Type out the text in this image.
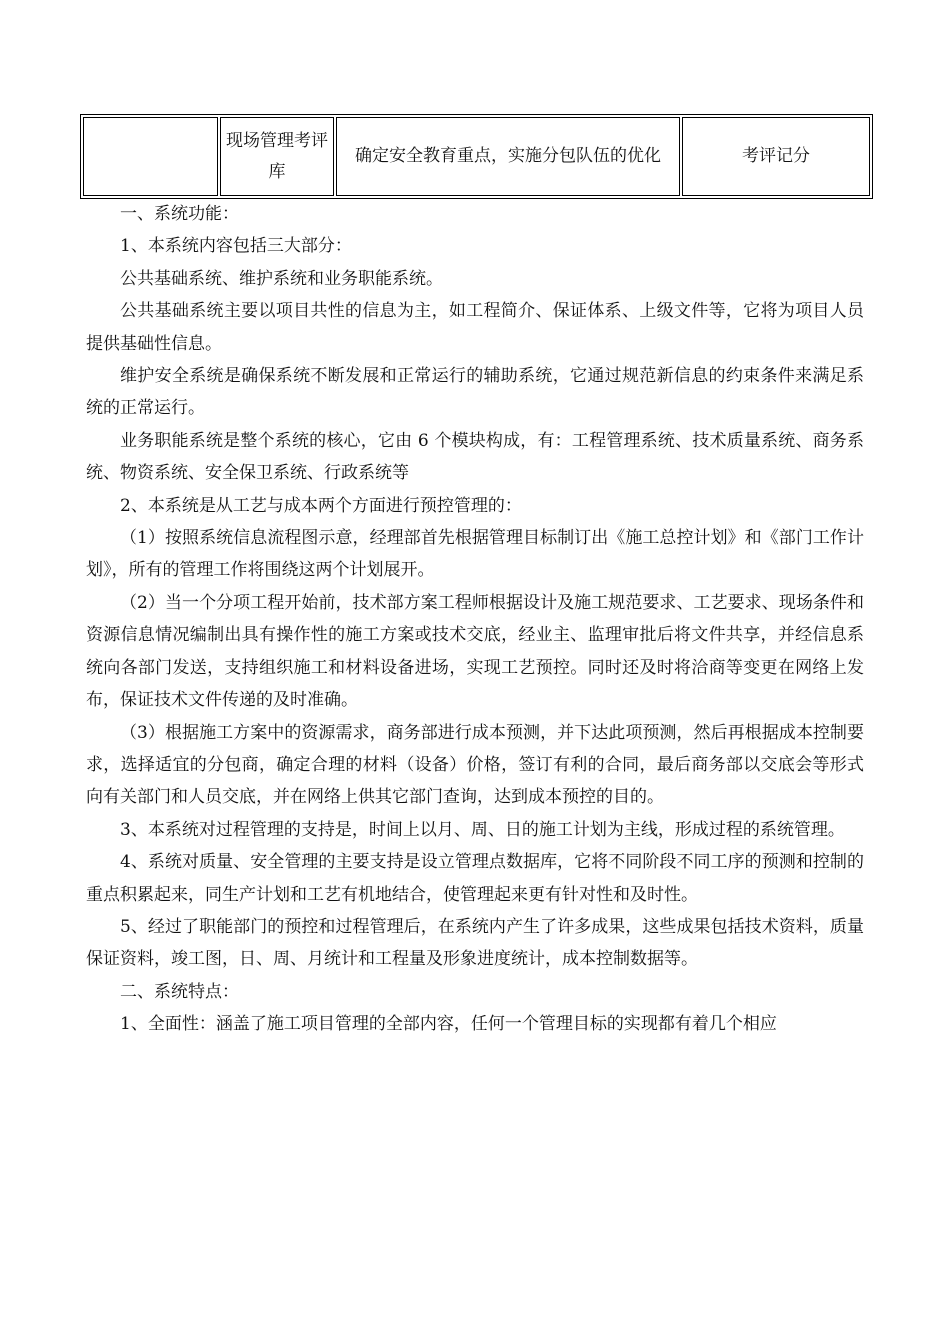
	现场管理考评库	确定安全教育重点，实施分包队伍的优化	考评记分

一、系统功能：

1、本系统内容包括三大部分：

公共基础系统、维护系统和业务职能系统。

公共基础系统主要以项目共性的信息为主，如工程简介、保证体系、上级文件等，它将为项目人员提供基础性信息。

维护安全系统是确保系统不断发展和正常运行的辅助系统，它通过规范新信息的约束条件来满足系统的正常运行。

业务职能系统是整个系统的核心，它由 6 个模块构成，有：工程管理系统、技术质量系统、商务系统、物资系统、安全保卫系统、行政系统等

2、本系统是从工艺与成本两个方面进行预控管理的：

（1）按照系统信息流程图示意，经理部首先根据管理目标制订出《施工总控计划》和《部门工作计划》，所有的管理工作将围绕这两个计划展开。

（2）当一个分项工程开始前，技术部方案工程师根据设计及施工规范要求、工艺要求、现场条件和资源信息情况编制出具有操作性的施工方案或技术交底，经业主、监理审批后将文件共享，并经信息系统向各部门发送，支持组织施工和材料设备进场，实现工艺预控。同时还及时将洽商等变更在网络上发布，保证技术文件传递的及时准确。

（3）根据施工方案中的资源需求，商务部进行成本预测，并下达此项预测，然后再根据成本控制要求，选择适宜的分包商，确定合理的材料（设备）价格，签订有利的合同，最后商务部以交底会等形式向有关部门和人员交底，并在网络上供其它部门查询，达到成本预控的目的。

3、本系统对过程管理的支持是，时间上以月、周、日的施工计划为主线，形成过程的系统管理。

4、系统对质量、安全管理的主要支持是设立管理点数据库，它将不同阶段不同工序的预测和控制的重点积累起来，同生产计划和工艺有机地结合，使管理起来更有针对性和及时性。

5、经过了职能部门的预控和过程管理后，在系统内产生了许多成果，这些成果包括技术资料，质量保证资料，竣工图，日、周、月统计和工程量及形象进度统计，成本控制数据等。

二、系统特点：

1、全面性：涵盖了施工项目管理的全部内容，任何一个管理目标的实现都有着几个相应
